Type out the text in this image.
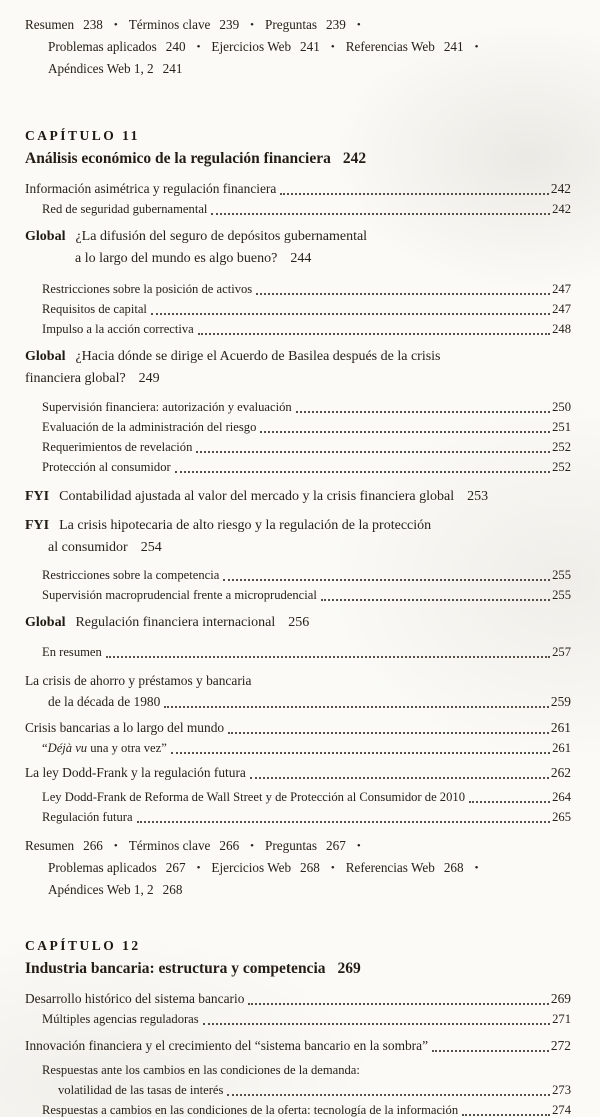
Resumen 238 • Términos clave 239 • Preguntas 239 •
Problemas aplicados 240 • Ejercicios Web 241 • Referencias Web 241 •
Apéndices Web 1, 2 241
CAPÍTULO 11
Análisis económico de la regulación financiera 242
Información asimétrica y regulación financiera	242
Red de seguridad gubernamental	242
Global ¿La difusión del seguro de depósitos gubernamental
a lo largo del mundo es algo bueno? 244
Restricciones sobre la posición de activos	247
Requisitos de capital	247
Impulso a la acción correctiva	248
Global ¿Hacia dónde se dirige el Acuerdo de Basilea después de la crisis
financiera global? 249
Supervisión financiera: autorización y evaluación	250
Evaluación de la administración del riesgo	251
Requerimientos de revelación	252
Protección al consumidor	252
FYI Contabilidad ajustada al valor del mercado y la crisis financiera global 253
FYI La crisis hipotecaria de alto riesgo y la regulación de la protección
al consumidor 254
Restricciones sobre la competencia	255
Supervisión macroprudencial frente a microprudencial	255
Global Regulación financiera internacional 256
En resumen	257
La crisis de ahorro y préstamos y bancaria
de la década de 1980	259
Crisis bancarias a lo largo del mundo	261
“Déjà vu una y otra vez”	261
La ley Dodd-Frank y la regulación futura	262
Ley Dodd-Frank de Reforma de Wall Street y de Protección al Consumidor de 2010	264
Regulación futura	265
Resumen 266 • Términos clave 266 • Preguntas 267 •
Problemas aplicados 267 • Ejercicios Web 268 • Referencias Web 268 •
Apéndices Web 1, 2 268
CAPÍTULO 12
Industria bancaria: estructura y competencia 269
Desarrollo histórico del sistema bancario	269
Múltiples agencias reguladoras	271
Innovación financiera y el crecimiento del “sistema bancario en la sombra”	272
Respuestas ante los cambios en las condiciones de la demanda:
volatilidad de las tasas de interés	273
Respuestas a cambios en las condiciones de la oferta: tecnología de la información	274
